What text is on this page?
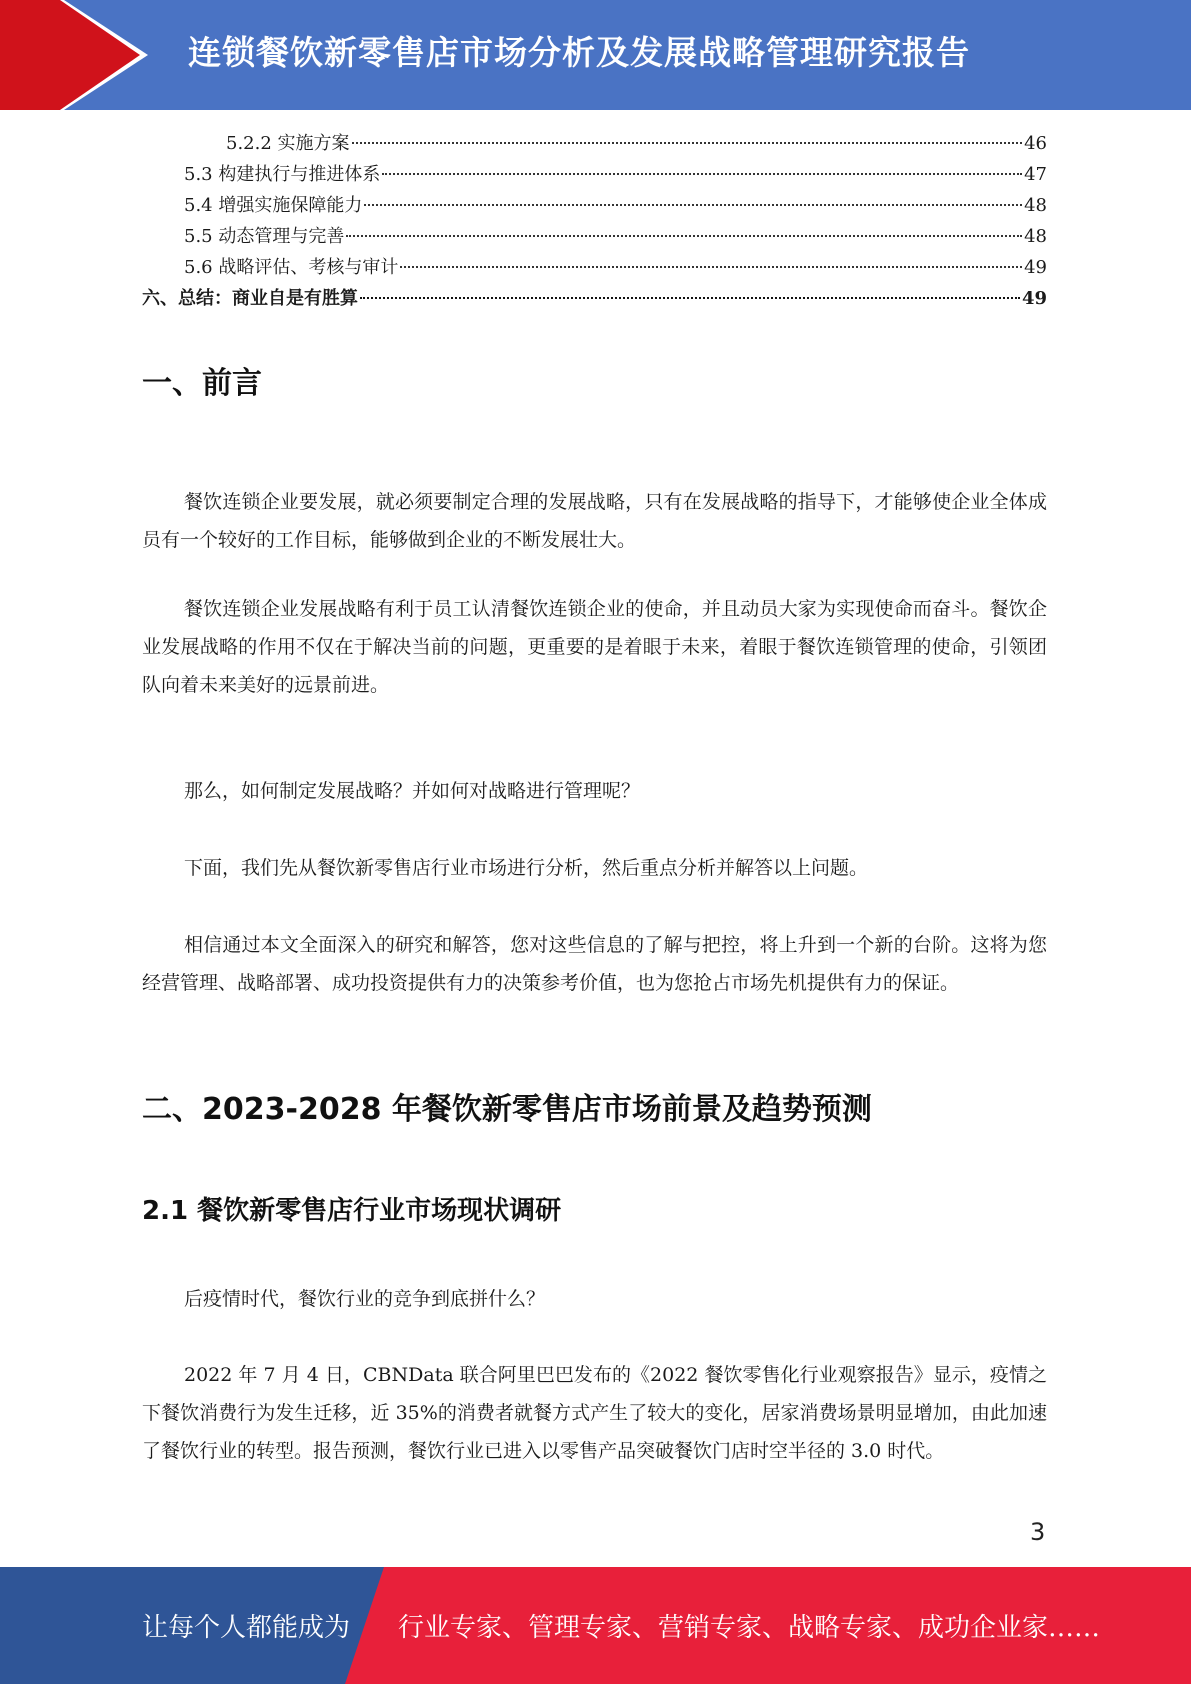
连锁餐饮新零售店市场分析及发展战略管理研究报告
5.2.2 实施方案	46
5.3 构建执行与推进体系	47
5.4 增强实施保障能力	48
5.5 动态管理与完善	48
5.6 战略评估、考核与审计	49
六、总结：商业自是有胜算	49
一、前言
餐饮连锁企业要发展，就必须要制定合理的发展战略，只有在发展战略的指导下，才能够使企业全体成员有一个较好的工作目标，能够做到企业的不断发展壮大。
餐饮连锁企业发展战略有利于员工认清餐饮连锁企业的使命，并且动员大家为实现使命而奋斗。餐饮企业发展战略的作用不仅在于解决当前的问题，更重要的是着眼于未来，着眼于餐饮连锁管理的使命，引领团队向着未来美好的远景前进。
那么，如何制定发展战略？并如何对战略进行管理呢？
下面，我们先从餐饮新零售店行业市场进行分析，然后重点分析并解答以上问题。
相信通过本文全面深入的研究和解答，您对这些信息的了解与把控，将上升到一个新的台阶。这将为您经营管理、战略部署、成功投资提供有力的决策参考价值，也为您抢占市场先机提供有力的保证。
二、2023-2028 年餐饮新零售店市场前景及趋势预测
2.1 餐饮新零售店行业市场现状调研
后疫情时代，餐饮行业的竞争到底拼什么？
2022 年 7 月 4 日，CBNData 联合阿里巴巴发布的《2022 餐饮零售化行业观察报告》显示，疫情之下餐饮消费行为发生迁移，近 35%的消费者就餐方式产生了较大的变化，居家消费场景明显增加，由此加速了餐饮行业的转型。报告预测，餐饮行业已进入以零售产品突破餐饮门店时空半径的 3.0 时代。
3
让每个人都能成为 行业专家、管理专家、营销专家、战略专家、成功企业家……
